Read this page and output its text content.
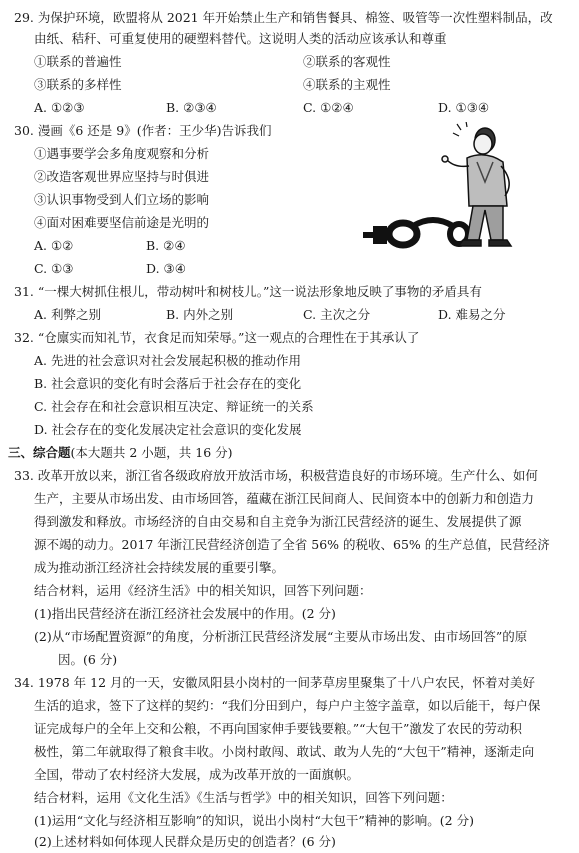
29. 为保护环境，欧盟将从 2021 年开始禁止生产和销售餐具、棉签、吸管等一次性塑料制品，改
由纸、秸秆、可重复使用的硬塑料替代。这说明人类的活动应该承认和尊重
①联系的普遍性	②联系的客观性
③联系的多样性	④联系的主观性
A. ①②③	B. ②③④	C. ①②④	D. ①③④
30. 漫画《6 还是 9》(作者：王少华)告诉我们
①遇事要学会多角度观察和分析
②改造客观世界应坚持与时俱进
③认识事物受到人们立场的影响
④面对困难要坚信前途是光明的
A. ①②	B. ②④
C. ①③	D. ③④
6
31. “一棵大树抓住根儿，带动树叶和树枝儿。”这一说法形象地反映了事物的矛盾具有
A. 利弊之别	B. 内外之别	C. 主次之分	D. 难易之分
32. “仓廪实而知礼节，衣食足而知荣辱。”这一观点的合理性在于其承认了
A. 先进的社会意识对社会发展起积极的推动作用
B. 社会意识的变化有时会落后于社会存在的变化
C. 社会存在和社会意识相互决定、辩证统一的关系
D. 社会存在的变化发展决定社会意识的变化发展
三、综合题(本大题共 2 小题，共 16 分)
33. 改革开放以来，浙江省各级政府放开放活市场，积极营造良好的市场环境。生产什么、如何
生产，主要从市场出发、由市场回答，蕴藏在浙江民间商人、民间资本中的创新力和创造力
得到激发和释放。市场经济的自由交易和自主竞争为浙江民营经济的诞生、发展提供了源
源不竭的动力。2017 年浙江民营经济创造了全省 56% 的税收、65% 的生产总值，民营经济
成为推动浙江经济社会持续发展的重要引擎。
结合材料，运用《经济生活》中的相关知识，回答下列问题：
(1)指出民营经济在浙江经济社会发展中的作用。(2 分)
(2)从“市场配置资源”的角度，分析浙江民营经济发展“主要从市场出发、由市场回答”的原
因。(6 分)
34. 1978 年 12 月的一天，安徽凤阳县小岗村的一间茅草房里聚集了十八户农民，怀着对美好
生活的追求，签下了这样的契约：“我们分田到户，每户户主签字盖章，如以后能干，每户保
证完成每户的全年上交和公粮，不再向国家伸手要钱要粮。”“大包干”激发了农民的劳动积
极性，第二年就取得了粮食丰收。小岗村敢闯、敢试、敢为人先的“大包干”精神，逐渐走向
全国，带动了农村经济大发展，成为改革开放的一面旗帜。
结合材料，运用《文化生活》《生活与哲学》中的相关知识，回答下列问题：
(1)运用“文化与经济相互影响”的知识，说出小岗村“大包干”精神的影响。(2 分)
(2)上述材料如何体现人民群众是历史的创造者？(6 分)
